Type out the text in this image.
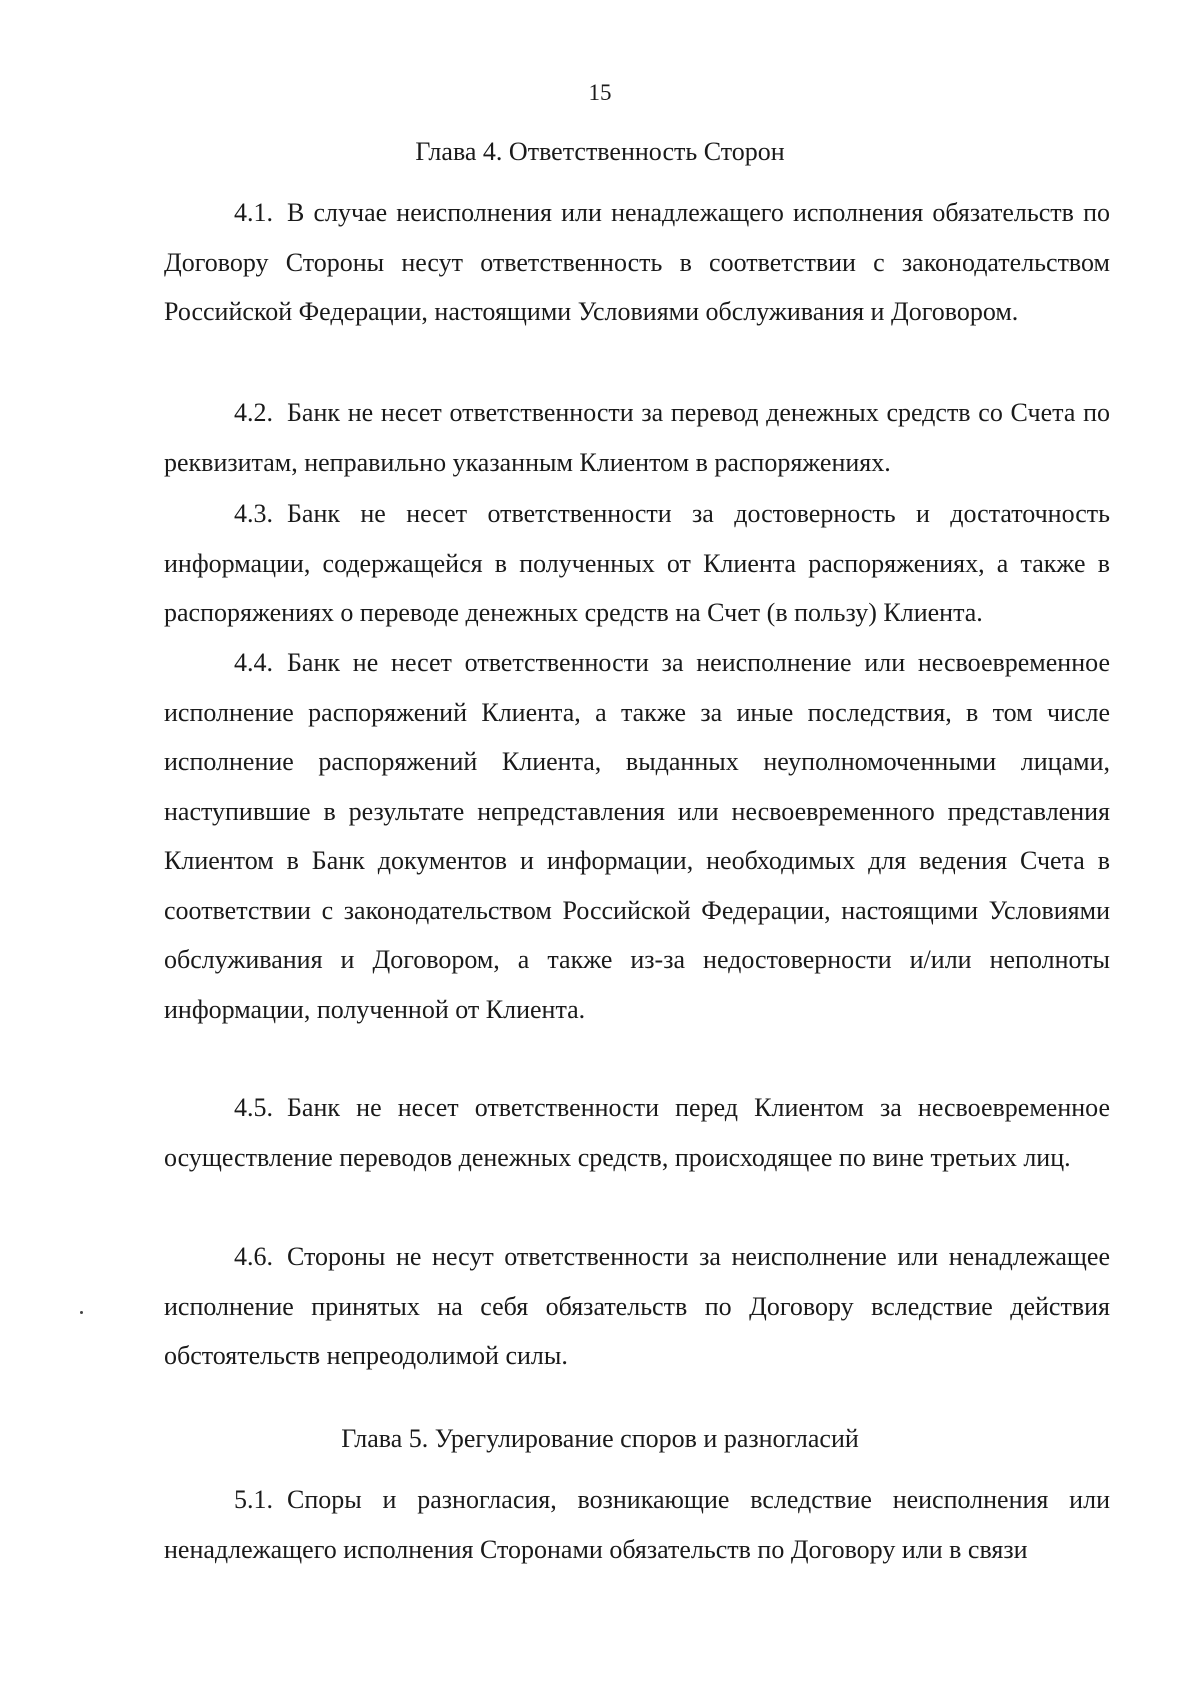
15
Глава 4. Ответственность Сторон
4.1. В случае неисполнения или ненадлежащего исполнения обязательств по Договору Стороны несут ответственность в соответствии с законодательством Российской Федерации, настоящими Условиями обслуживания и Договором.
4.2. Банк не несет ответственности за перевод денежных средств со Счета по реквизитам, неправильно указанным Клиентом в распоряжениях.
4.3. Банк не несет ответственности за достоверность и достаточность информации, содержащейся в полученных от Клиента распоряжениях, а также в распоряжениях о переводе денежных средств на Счет (в пользу) Клиента.
4.4. Банк не несет ответственности за неисполнение или несвоевременное исполнение распоряжений Клиента, а также за иные последствия, в том числе исполнение распоряжений Клиента, выданных неуполномоченными лицами, наступившие в результате непредставления или несвоевременного представления Клиентом в Банк документов и информации, необходимых для ведения Счета в соответствии с законодательством Российской Федерации, настоящими Условиями обслуживания и Договором, а также из-за недостоверности и/или неполноты информации, полученной от Клиента.
4.5. Банк не несет ответственности перед Клиентом за несвоевременное осуществление переводов денежных средств, происходящее по вине третьих лиц.
4.6. Стороны не несут ответственности за неисполнение или ненадлежащее исполнение принятых на себя обязательств по Договору вследствие действия обстоятельств непреодолимой силы.
Глава 5. Урегулирование споров и разногласий
5.1. Споры и разногласия, возникающие вследствие неисполнения или ненадлежащего исполнения Сторонами обязательств по Договору или в связи
